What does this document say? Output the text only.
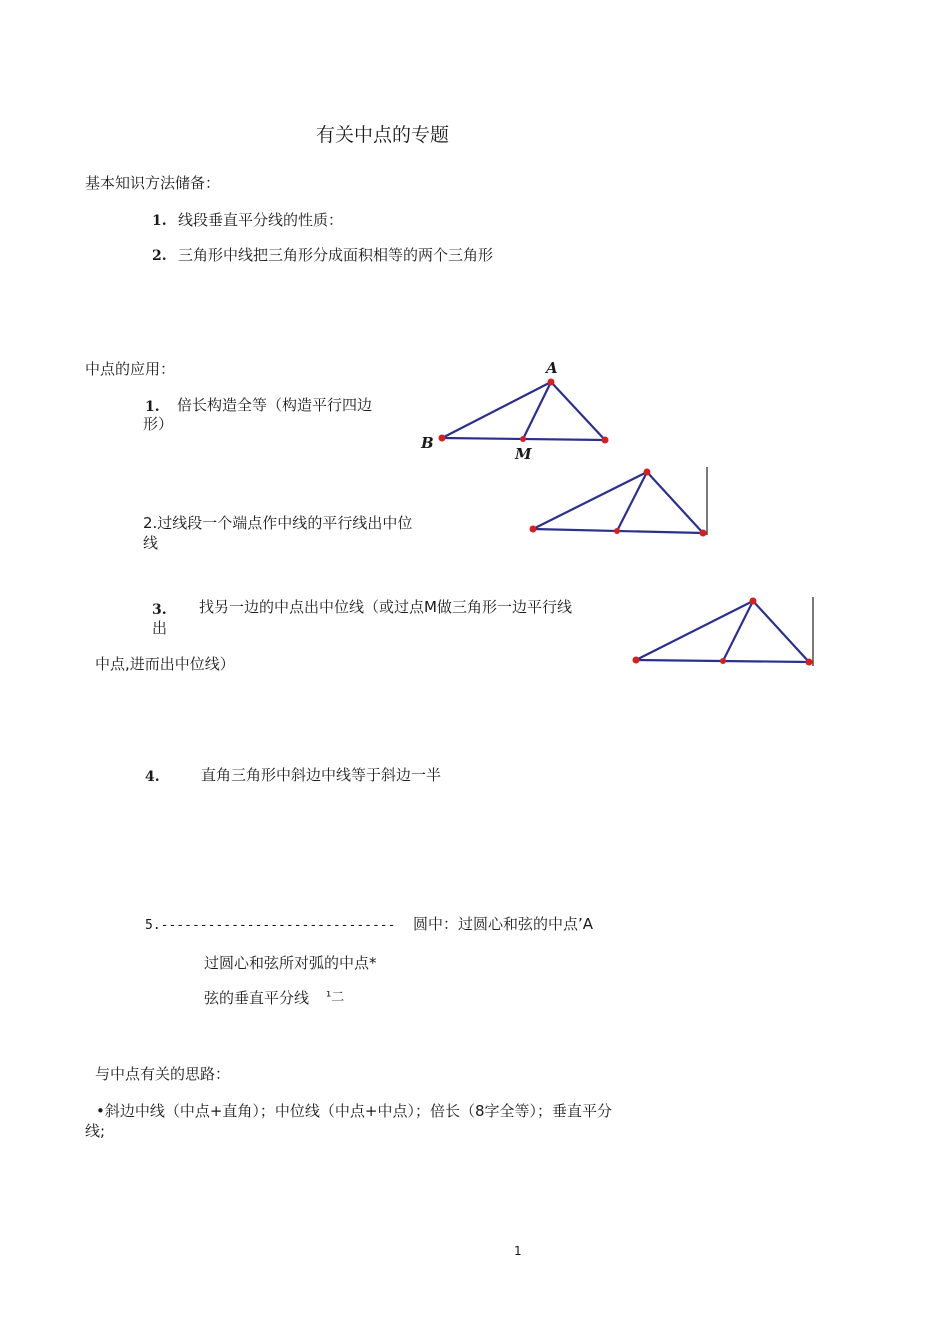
有关中点的专题
基本知识方法储备：
1. 线段垂直平分线的性质：
2. 三角形中线把三角形分成面积相等的两个三角形
中点的应用：
1. 倍长构造全等（构造平行四边
形）
A
B
M
2.过线段一个端点作中线的平行线出中位
线
3. 找另一边的中点出中位线（或过点M做三角形一边平行线
出
中点,进而出中位线）
4.	直角三角形中斜边中线等于斜边一半
5.------------------------------ 圆中：过圆心和弦的中点’A
过圆心和弦所对弧的中点*
弦的垂直平分线 ¹二
与中点有关的思路：
•斜边中线（中点+直角）；中位线（中点+中点）；倍长（8字全等）；垂直平分
线;
1
